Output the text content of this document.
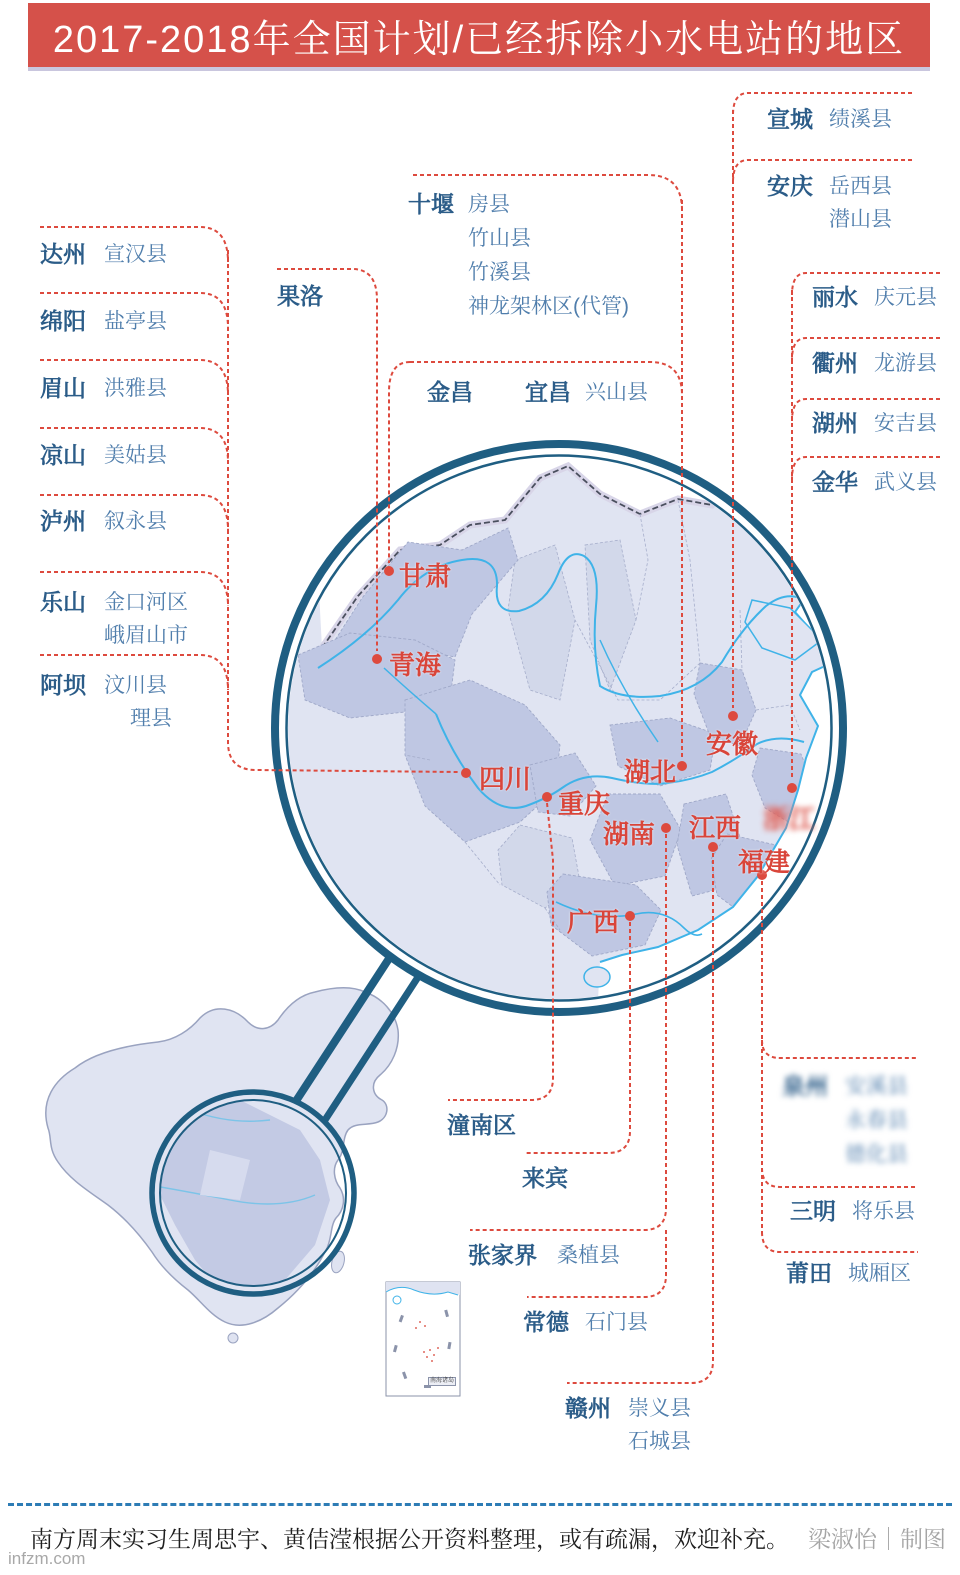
2017-2018年全国计划/已经拆除小水电站的地区
达州 宣汉县
绵阳 盐亭县
眉山 洪雅县
凉山 美姑县
泸州 叙永县
乐山 金口河区
峨眉山市
阿坝 汶川县
理县
果洛
十堰 房县
竹山县
竹溪县
神龙架林区(代管)
金昌 宜昌 兴山县
宣城 绩溪县
安庆 岳西县
潜山县
丽水 庆元县
衢州 龙游县
湖州 安吉县
金华 武义县
泉州 安溪县
永春县
德化县
三明 将乐县
莆田 城厢区
潼南区
来宾
张家界 桑植县
常德 石门县
赣州 崇义县
石城县
甘肃
青海
四川
重庆
湖北
安徽
湖南 江西 浙江
福建
广西
南海诸岛
南方周末实习生周思宇、黄佶滢根据公开资料整理，或有疏漏，欢迎补充。 梁淑怡｜制图
infzm.com
